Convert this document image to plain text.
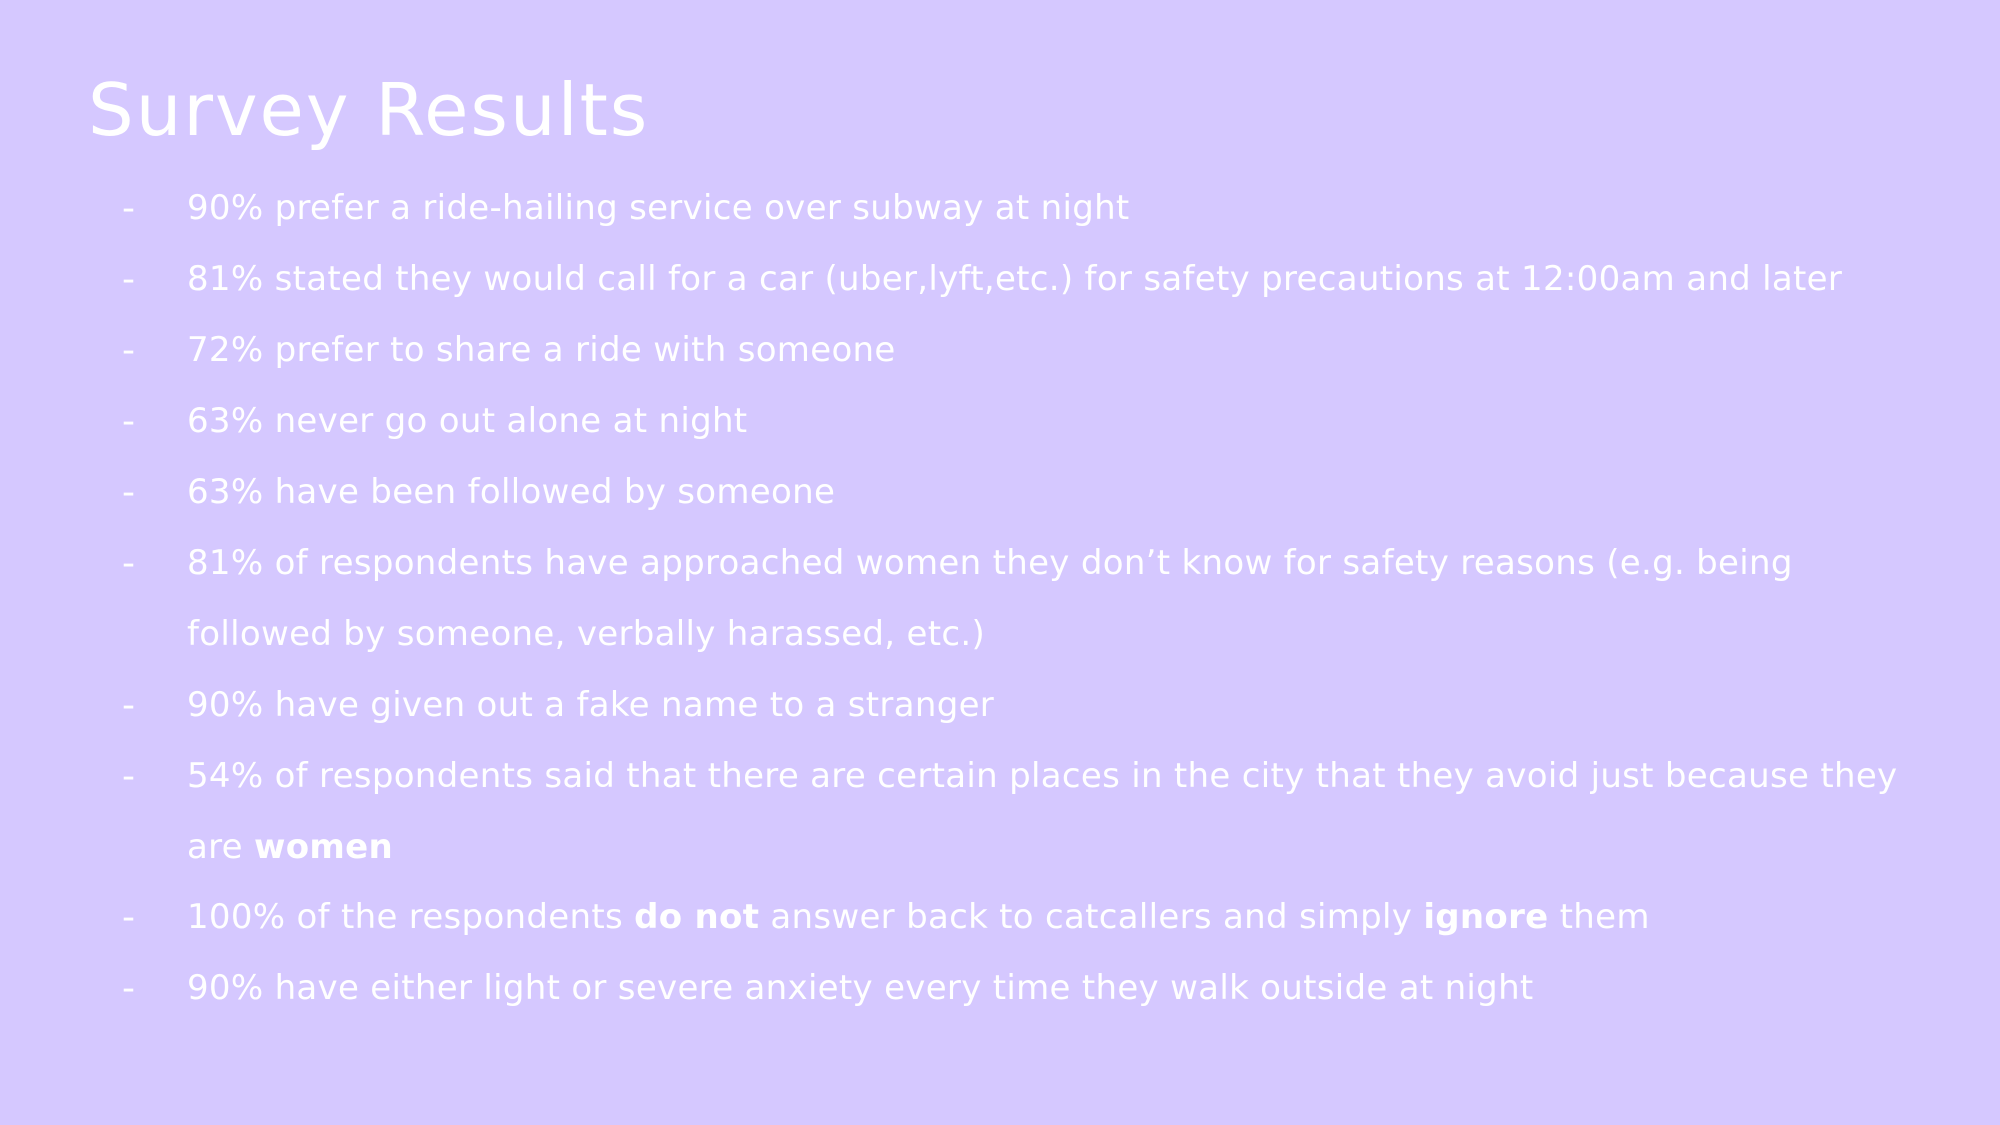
Survey Results
- 90% prefer a ride-hailing service over subway at night
- 81% stated they would call for a car (uber,lyft,etc.) for safety precautions at 12:00am and later
- 72% prefer to share a ride with someone
- 63% never go out alone at night
- 63% have been followed by someone
- 81% of respondents have approached women they don’t know for safety reasons (e.g. being
followed by someone, verbally harassed, etc.)
- 90% have given out a fake name to a stranger
- 54% of respondents said that there are certain places in the city that they avoid just because they
are women
- 100% of the respondents do not answer back to catcallers and simply ignore them
- 90% have either light or severe anxiety every time they walk outside at night
